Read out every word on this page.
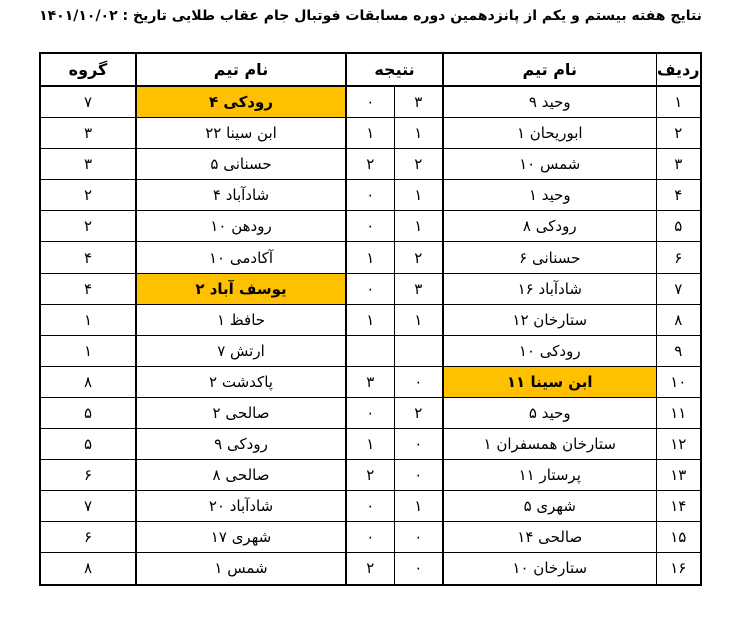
نتایج هفته بیستم و یکم از پانزدهمین دوره مسابقات فوتبال جام عقاب طلایی تاریخ : ۱۴۰۱/۱۰/۰۲
ردیف	نام تیم	نتیجه		نام تیم	گروه
۱	وحید ۹	۳	۰	رودکی ۴	۷
۲	ابوریحان ۱	۱	۱	ابن سینا ۲۲	۳
۳	شمس ۱۰	۲	۲	حسنانی ۵	۳
۴	وحید ۱	۱	۰	شادآباد ۴	۲
۵	رودکی ۸	۱	۰	رودهن ۱۰	۲
۶	حسنانی ۶	۲	۱	آکادمی ۱۰	۴
۷	شادآباد ۱۶	۳	۰	یوسف آباد ۲	۴
۸	ستارخان ۱۲	۱	۱	حافظ ۱	۱
۹	رودکی ۱۰			ارتش ۷	۱
۱۰	ابن سینا ۱۱	۰	۳	پاکدشت ۲	۸
۱۱	وحید ۵	۲	۰	صالحی ۲	۵
۱۲	ستارخان همسفران ۱	۰	۱	رودکی ۹	۵
۱۳	پرستار ۱۱	۰	۲	صالحی ۸	۶
۱۴	شهری ۵	۱	۰	شادآباد ۲۰	۷
۱۵	صالحی ۱۴	۰	۰	شهری ۱۷	۶
۱۶	ستارخان ۱۰	۰	۲	شمس ۱	۸
